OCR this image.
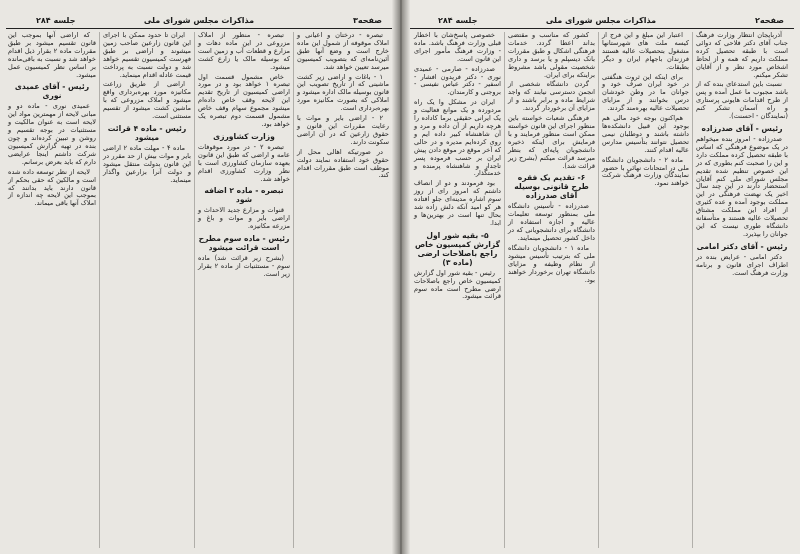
صفحه۳
مذاکرات مجلس شورای ملی
جلسه ۲۸۴

که اراضی آنها بموجب این قانون تقسیم میشود بر طبق مقررات ماده ۲ بقرار ذیل اقدام خواهد شد و نسبت به باقی‌مانده بر اساس نظر کمیسیون عمل میشود.

رئیس - آقای عمیدی نوری

عمیدی نوری - ماده دو و مبانی لایحه از مهمترین مواد این لایحه است به عنوان مالکیت و مستثنیات در بوجه تقسیم و روشن و تبیین کرده‌اند و چون بنده در تهیه گزارش کمیسیون شرکت داشتم اینجا عرایضی دارم که باید بعرض برسانم.

لایحه از نظر توسعه داده شده است و مالکین که حقی بحکم از قانون دارند باید بدانند که بموجب این لایحه چه اندازه از املاک آنها باقی میماند.

ایران تا حدود ممکن با اجرای این قانون زارعین صاحب زمین میشوند و اراضی بر طبق فهرست کمیسیون تقسیم خواهد شد و دولت نسبت به پرداخت قیمت عادله اقدام مینماید.

اراضی از طریق زراعت مکانیزه مورد بهره‌برداری واقع میشود و املاک مزروعی که با ماشین کشت میشود از تقسیم مستثنی است.

رئیس - ماده ۴ قرائت میشود

ماده ۴ - مهلت ماده ۲ اراضی بایر و موات بیش از حد مقرر در این قانون بدولت منتقل میشود و دولت آنرا بزارعین واگذار مینماید.

تبصره - منظور از املاک مزروعی در این ماده دهات و مزارع و قطعات آب و زمین است که بوسیله مالک یا زارع کشت میشود.

خاص مشمول قسمت اول تبصره ۱ خواهد بود و در مورد اراضی کمیسیون از تاریخ تقدیم این لایحه وقف خاص داده‌ام میشود مجموع سهام وقف خاص مشمول قسمت دوم تبصره یک خواهد بود.

وزارت کشاورزی

تبصره ۲ - در مورد موقوفات عامه و اراضی که طبق این قانون بعهده سازمان کشاورزی است با نظر وزارت کشاورزی اقدام خواهد شد.

تبصره - ماده ۲ اضافه شود

قنوات و مزارع جدید الاحداث و اراضی بایر و موات و باغ و مزرعه مکانیزه.

رئیس - ماده سوم مطرح است قرائت میشود

(بشرح زیر قرائت شد) ماده سوم - مستثنیات از ماده ۲ بقرار زیر است.

تبصره - درختان و اعیانی و املاک موقوفه از شمول این ماده خارج است و وضع آنها طبق آئین‌نامه‌ای که بتصویب کمیسیون میرسد تعیین خواهد شد.

۱ - باغات و اراضی زیر کشت ماشینی که از تاریخ تصویب این قانون بوسیله مالک اداره میشود و املاکی که بصورت مکانیزه مورد بهره‌برداری است.

۲ - اراضی بایر و موات با رعایت مقررات این قانون و حقوق زارعین که در آن اراضی سکونت دارند.

در صورتیکه اهالی محل از حقوق خود استفاده نمایند دولت موظف است طبق مقررات اقدام کند.

صفحه۲
مذاکرات مجلس شورای ملی
جلسه ۲۸۴

خصوصی پاسخ‌شان با اخطار قبلی وزارت فرهنگ باشد. ماده - وزارت فرهنگ مأمور اجرای این قانون است.

صدرزاده - صارمی - عمیدی نوری - دکتر فریدون افشار - اسفیر - دکتر عباس نفیسی - بروجنی و کارمندان.

ایران در مشکل وا یک راه مردورده و یک موانع فعالیت و یک ایرانی حقیقی برما کاداده را هرچه داریم از آن داده و مرد و آن شاهنشاه کبیر داده ایم و روی کرده‌ایم مدیره و در حالی که آخر موقع در موقع دادن پیش ایران بر حسب فرموده پسر تاجدار و شاهنشاه پرمنده و خدمتگذار.

بود فرمودند و دو از انصاف داشتم که امروز رای از روز سوم اشاره مدینه‌ای جلو افتاده هر کو امید آنکه دلش زاده شد بحال تنها است در بهترین‌ها و ابدا.

۵- بقیه شور اول گزارش کمیسیون خاص راجع باصلاحات ارضی (ماده ۳)

رئیس - بقیه شور اول گزارش کمیسیون خاص راجع باصلاحات ارضی مطرح است ماده سوم قرائت میشود.

کشور که مناسب و مقتضی بداند اعطا گردد. خدمات فرهنگی اشکال و طبق مقررات بانک دیسپلم و یا برسد و داری شخصیت مقولی باشد مشروط براینکه برای ایران.

گردن دانشگاه شخصی از انجمن دسترسی نیابند که واجد شرایط ماده و برابر باشند و از مزایای آن برخوردار گردند.

فرهنگی شعبات خواسته باین منظور اجرای این قانون خواسته ممکن است منظور فرمایند و با فرمایش برای اینکه ذخیره دانشجویان پایه‌ای که بنظر میرسد قرائت میکنم (بشرح زیر قرائت شد).

۶- تقدیم یک فقره طرح قانونی بوسیله آقای صدرزاده

صدرزاده - تأسیس دانشگاه ملی بمنظور توسعه تعلیمات عالیه و اجازه استفاده از دانشگاه برای دانشجویانی که در داخل کشور تحصیل مینمایند.

ماده ۱ - دانشجویان دانشگاه ملی که بترتیب تأسیس میشود از نظام وظیفه و مزایای دانشگاه تهران برخوردار خواهند بود.

اعتبار این مبلغ و این فرج از کیسه ملت های شهرستانها مشغول بتحصیلات عالیه هستند فرزندان باجهام ایران و دیگر بطبقات.

برای اینکه این ثروت هنگفتی در خود ایران صرف خود و جوانان ما در وطن خودشان درس بخوانند و از مزایای تحصیلات عالیه بهره‌مند گردند.

هم‌اکنون بوجه خود مالی هم بوجود این قبیل دانشکده‌ها داشته باشند و دوطلبان نیمی تحصیل نتوانند بتأسیس مدارس عالیه اقدام کنند.

ماده ۲ - دانشجویان دانشگاه ملی در امتحانات نهائی با حضور نمایندگان وزارت فرهنگ شرکت خواهند نمود.

آذربایجان انتظار وزارت فرهنگ جناب آقای دکتر فلاحی که دوائی است با طبقه تحصیل کرده مملکت داریم که همه و از لحاظ اشخاص مورد نظر و از آقایان تشکر میکنم.

نسبت باین استدعای بنده که از باشد مجبوب ما عمل آمده و پس از طرح اقدامات هایونی پرستاری و راه آسمان تشکر کنم (نمایندگان - احسنت).

رئیس - آقای صدرزاده

صدرزاده - امروز بنده میخواهم در یک موضوع فرهنگی که اساس با طبقه تحصیل کرده مملکت دارد و این را صحبت کنم بطوری که در این خصوص تنظیم شده تقدیم مجلس شورای ملی کنم آقایان استحضار دارند در این چند سال اخیر یک نهضت فرهنگی در این مملکت بوجود آمده و عده کثیری از افراد این مملکت مشتاق تحصیلات عالیه هستند و متأسفانه دانشگاه طوری نیست که این جوانان را بپذیرد.

رئیس - آقای دکتر امامی

دکتر امامی - عرایض بنده در اطراف اجرای قانون و برنامه وزارت فرهنگ است.
